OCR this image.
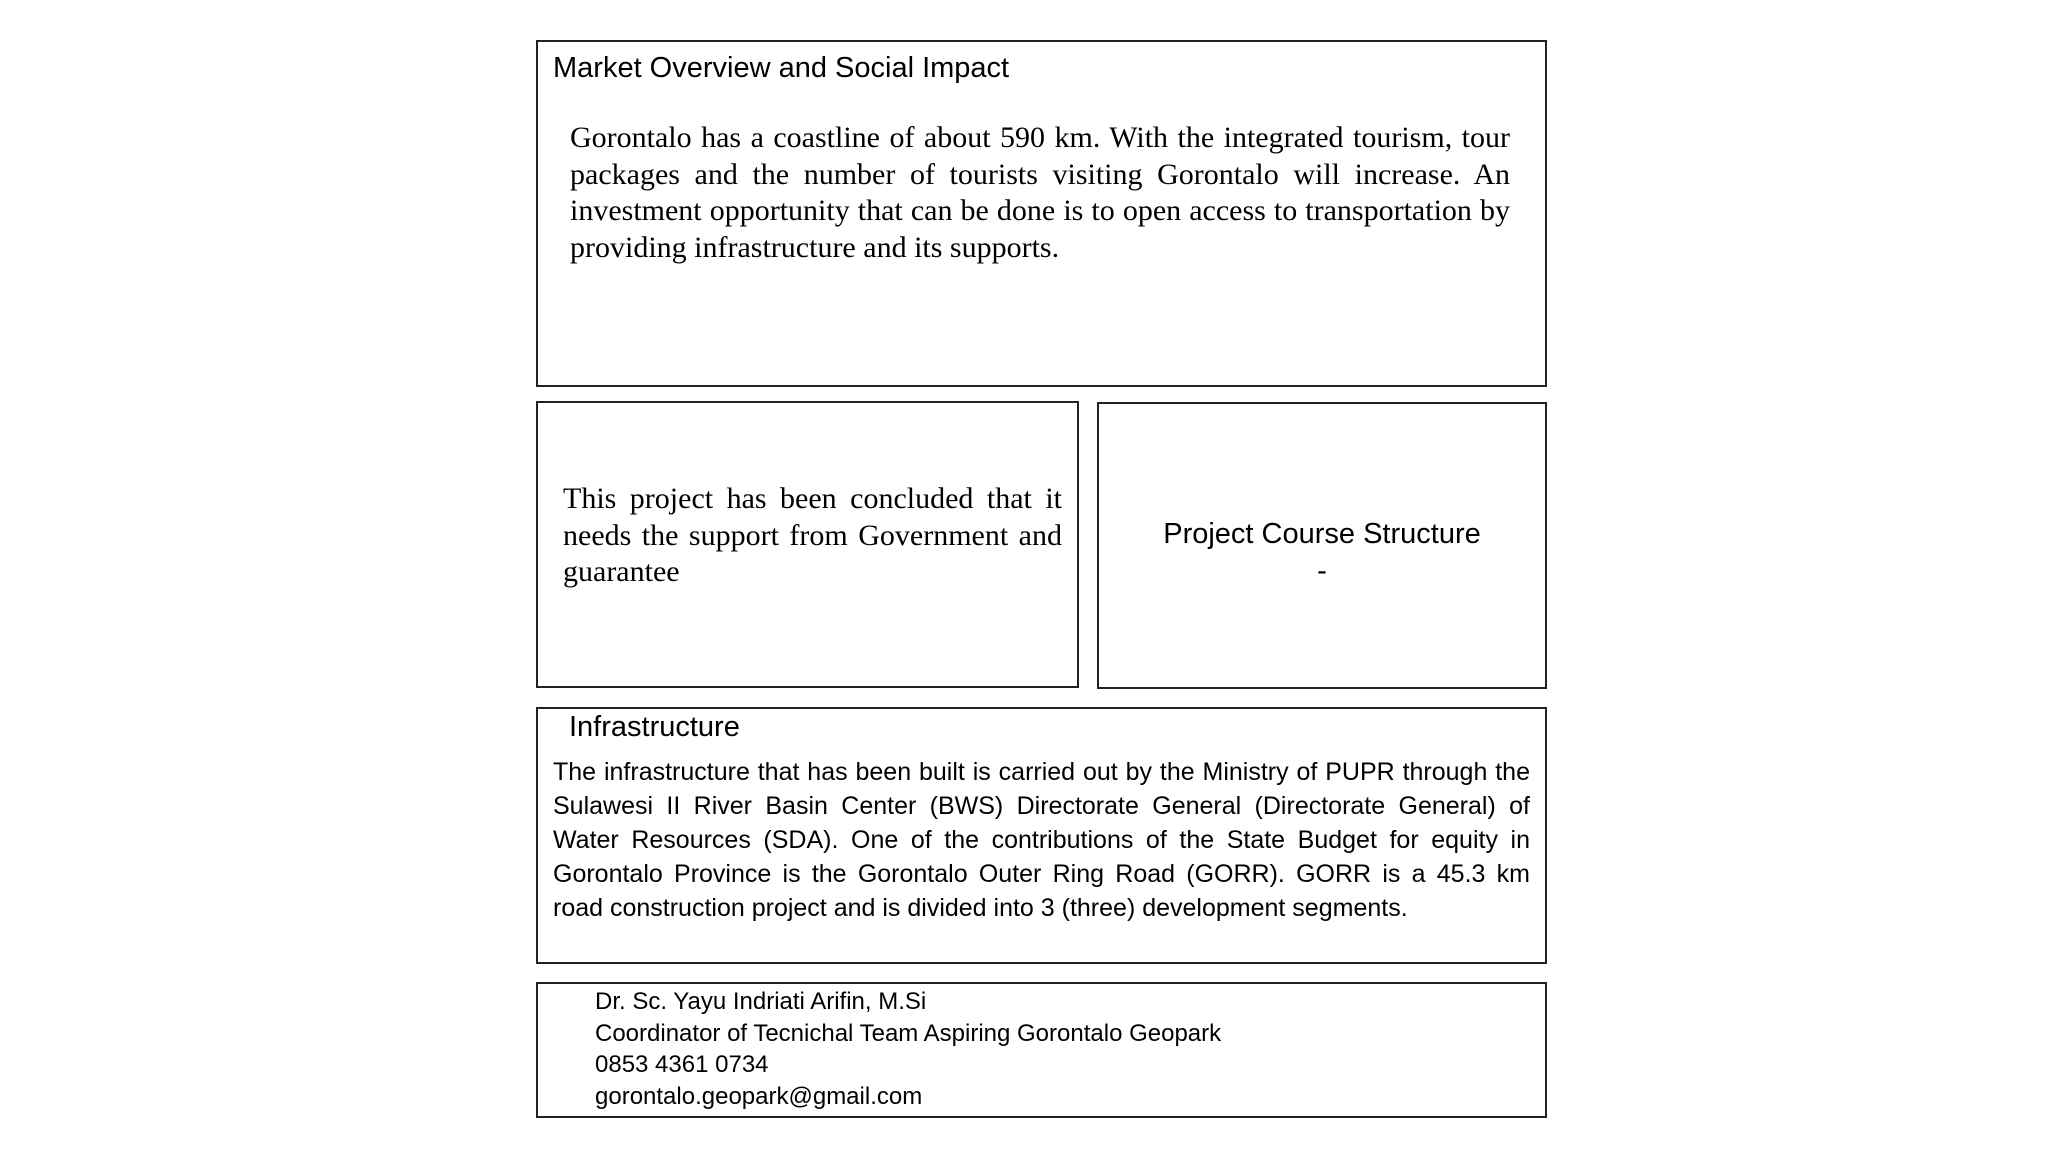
Market Overview and Social Impact
Gorontalo has a coastline of about 590 km. With the integrated tourism, tour packages and the number of tourists visiting Gorontalo will increase. An investment opportunity that can be done is to open access to transportation by providing infrastructure and its supports.
This project has been concluded that it needs the support from Government and guarantee
Project Course Structure
-
Infrastructure
The infrastructure that has been built is carried out by the Ministry of PUPR through the Sulawesi II River Basin Center (BWS) Directorate General (Directorate General) of Water Resources (SDA). One of the contributions of the State Budget for equity in Gorontalo Province is the Gorontalo Outer Ring Road (GORR). GORR is a 45.3 km road construction project and is divided into 3 (three) development segments.
Dr. Sc. Yayu Indriati Arifin, M.Si
Coordinator of Tecnichal Team Aspiring Gorontalo Geopark
0853 4361 0734
gorontalo.geopark@gmail.com
